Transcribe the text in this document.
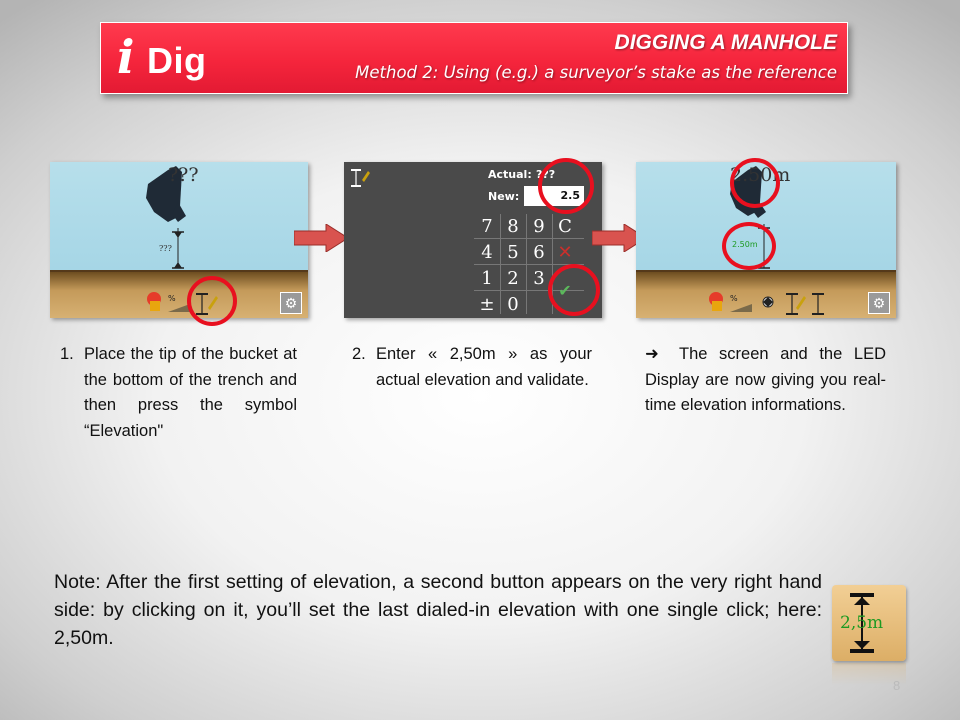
i Dig	DIGGING A MANHOLE
Method 2: Using (e.g.) a surveyor’s stake as the reference
???
???
%	⚙
Actual: ???
New:	2.5
7 8 9 C
4 5 6 ✕
1 2 3
± 0
✔
2.50m
2.50m
%	⚙
1. Place the tip of the bucket at the bottom of the trench and then press the symbol “Elevation"
2. Enter « 2,50m » as your actual elevation and validate.
➜	The screen and the LED Display are now giving you real-time elevation informations.
Note: After the first setting of elevation, a second button appears on the very right hand side: by clicking on it, you’ll set the last dialed-in elevation with one single click; here: 2,50m.
2,5m
8
